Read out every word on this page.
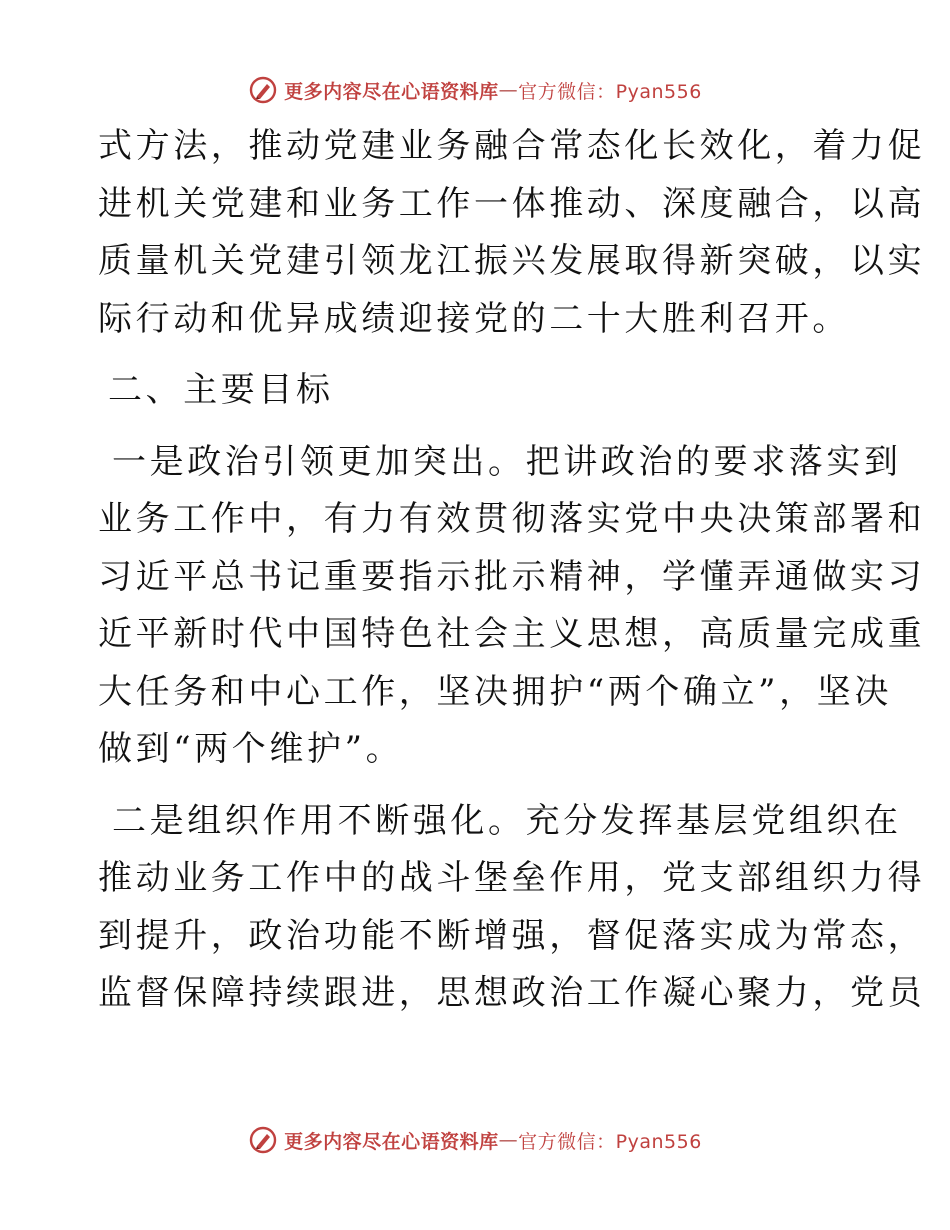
更多内容尽在心语资料库 — 官方微信：Pyan556
式方法，推动党建业务融合常态化长效化，着力促
进机关党建和业务工作一体推动、深度融合，以高
质量机关党建引领龙江振兴发展取得新突破，以实
际行动和优异成绩迎接党的二十大胜利召开。
二、主要目标
一是政治引领更加突出。把讲政治的要求落实到
业务工作中，有力有效贯彻落实党中央决策部署和
习近平总书记重要指示批示精神，学懂弄通做实习
近平新时代中国特色社会主义思想，高质量完成重
大任务和中心工作，坚决拥护“两个确立”，坚决
做到“两个维护”。
二是组织作用不断强化。充分发挥基层党组织在
推动业务工作中的战斗堡垒作用，党支部组织力得
到提升，政治功能不断增强，督促落实成为常态，
监督保障持续跟进，思想政治工作凝心聚力，党员
更多内容尽在心语资料库 — 官方微信：Pyan556
